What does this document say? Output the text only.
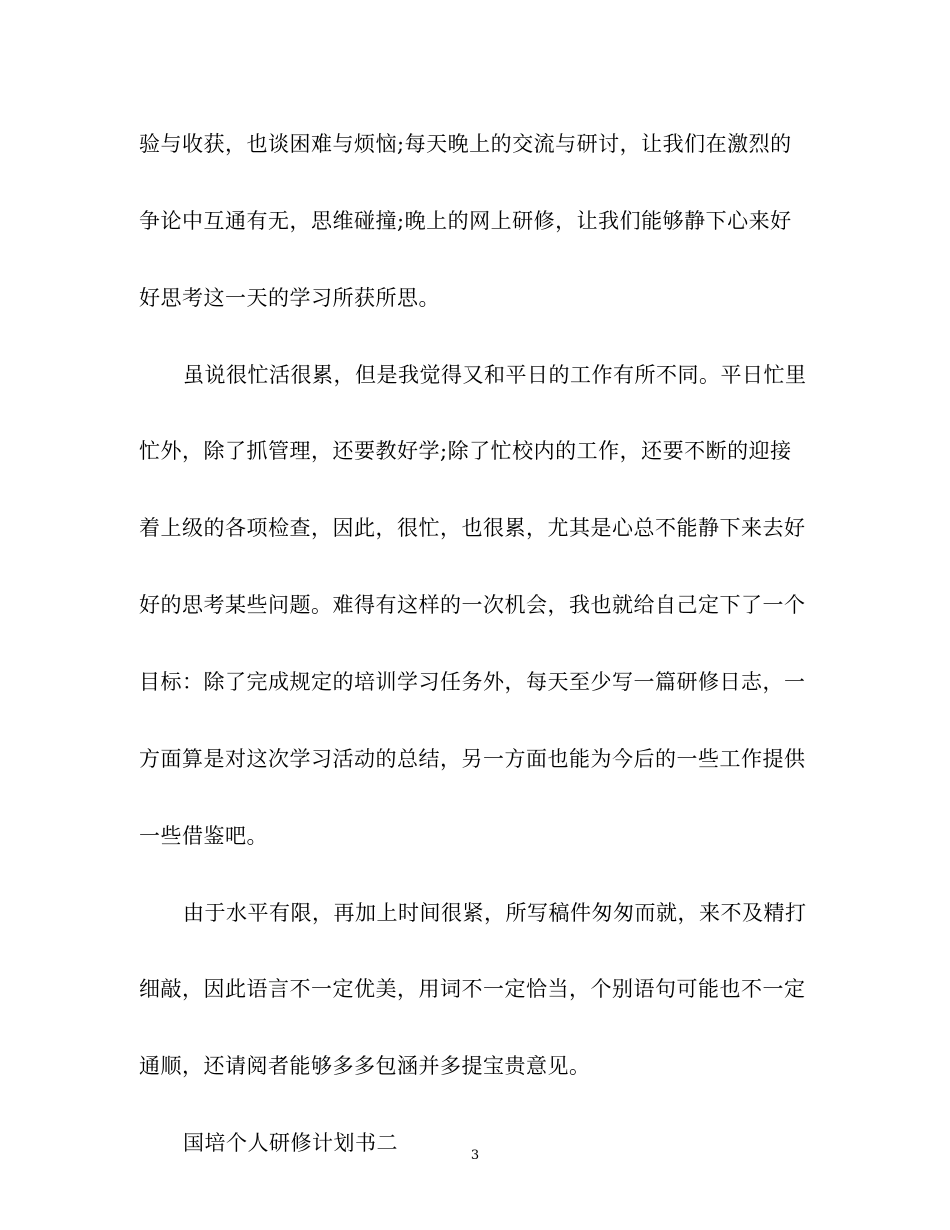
验与收获，也谈困难与烦恼;每天晚上的交流与研讨，让我们在激烈的
争论中互通有无，思维碰撞;晚上的网上研修，让我们能够静下心来好
好思考这一天的学习所获所思。
虽说很忙活很累，但是我觉得又和平日的工作有所不同。平日忙里
忙外，除了抓管理，还要教好学;除了忙校内的工作，还要不断的迎接
着上级的各项检查，因此，很忙，也很累，尤其是心总不能静下来去好
好的思考某些问题。难得有这样的一次机会，我也就给自己定下了一个
目标：除了完成规定的培训学习任务外，每天至少写一篇研修日志，一
方面算是对这次学习活动的总结，另一方面也能为今后的一些工作提供
一些借鉴吧。
由于水平有限，再加上时间很紧，所写稿件匆匆而就，来不及精打
细敲，因此语言不一定优美，用词不一定恰当，个别语句可能也不一定
通顺，还请阅者能够多多包涵并多提宝贵意见。
国培个人研修计划书二
3
